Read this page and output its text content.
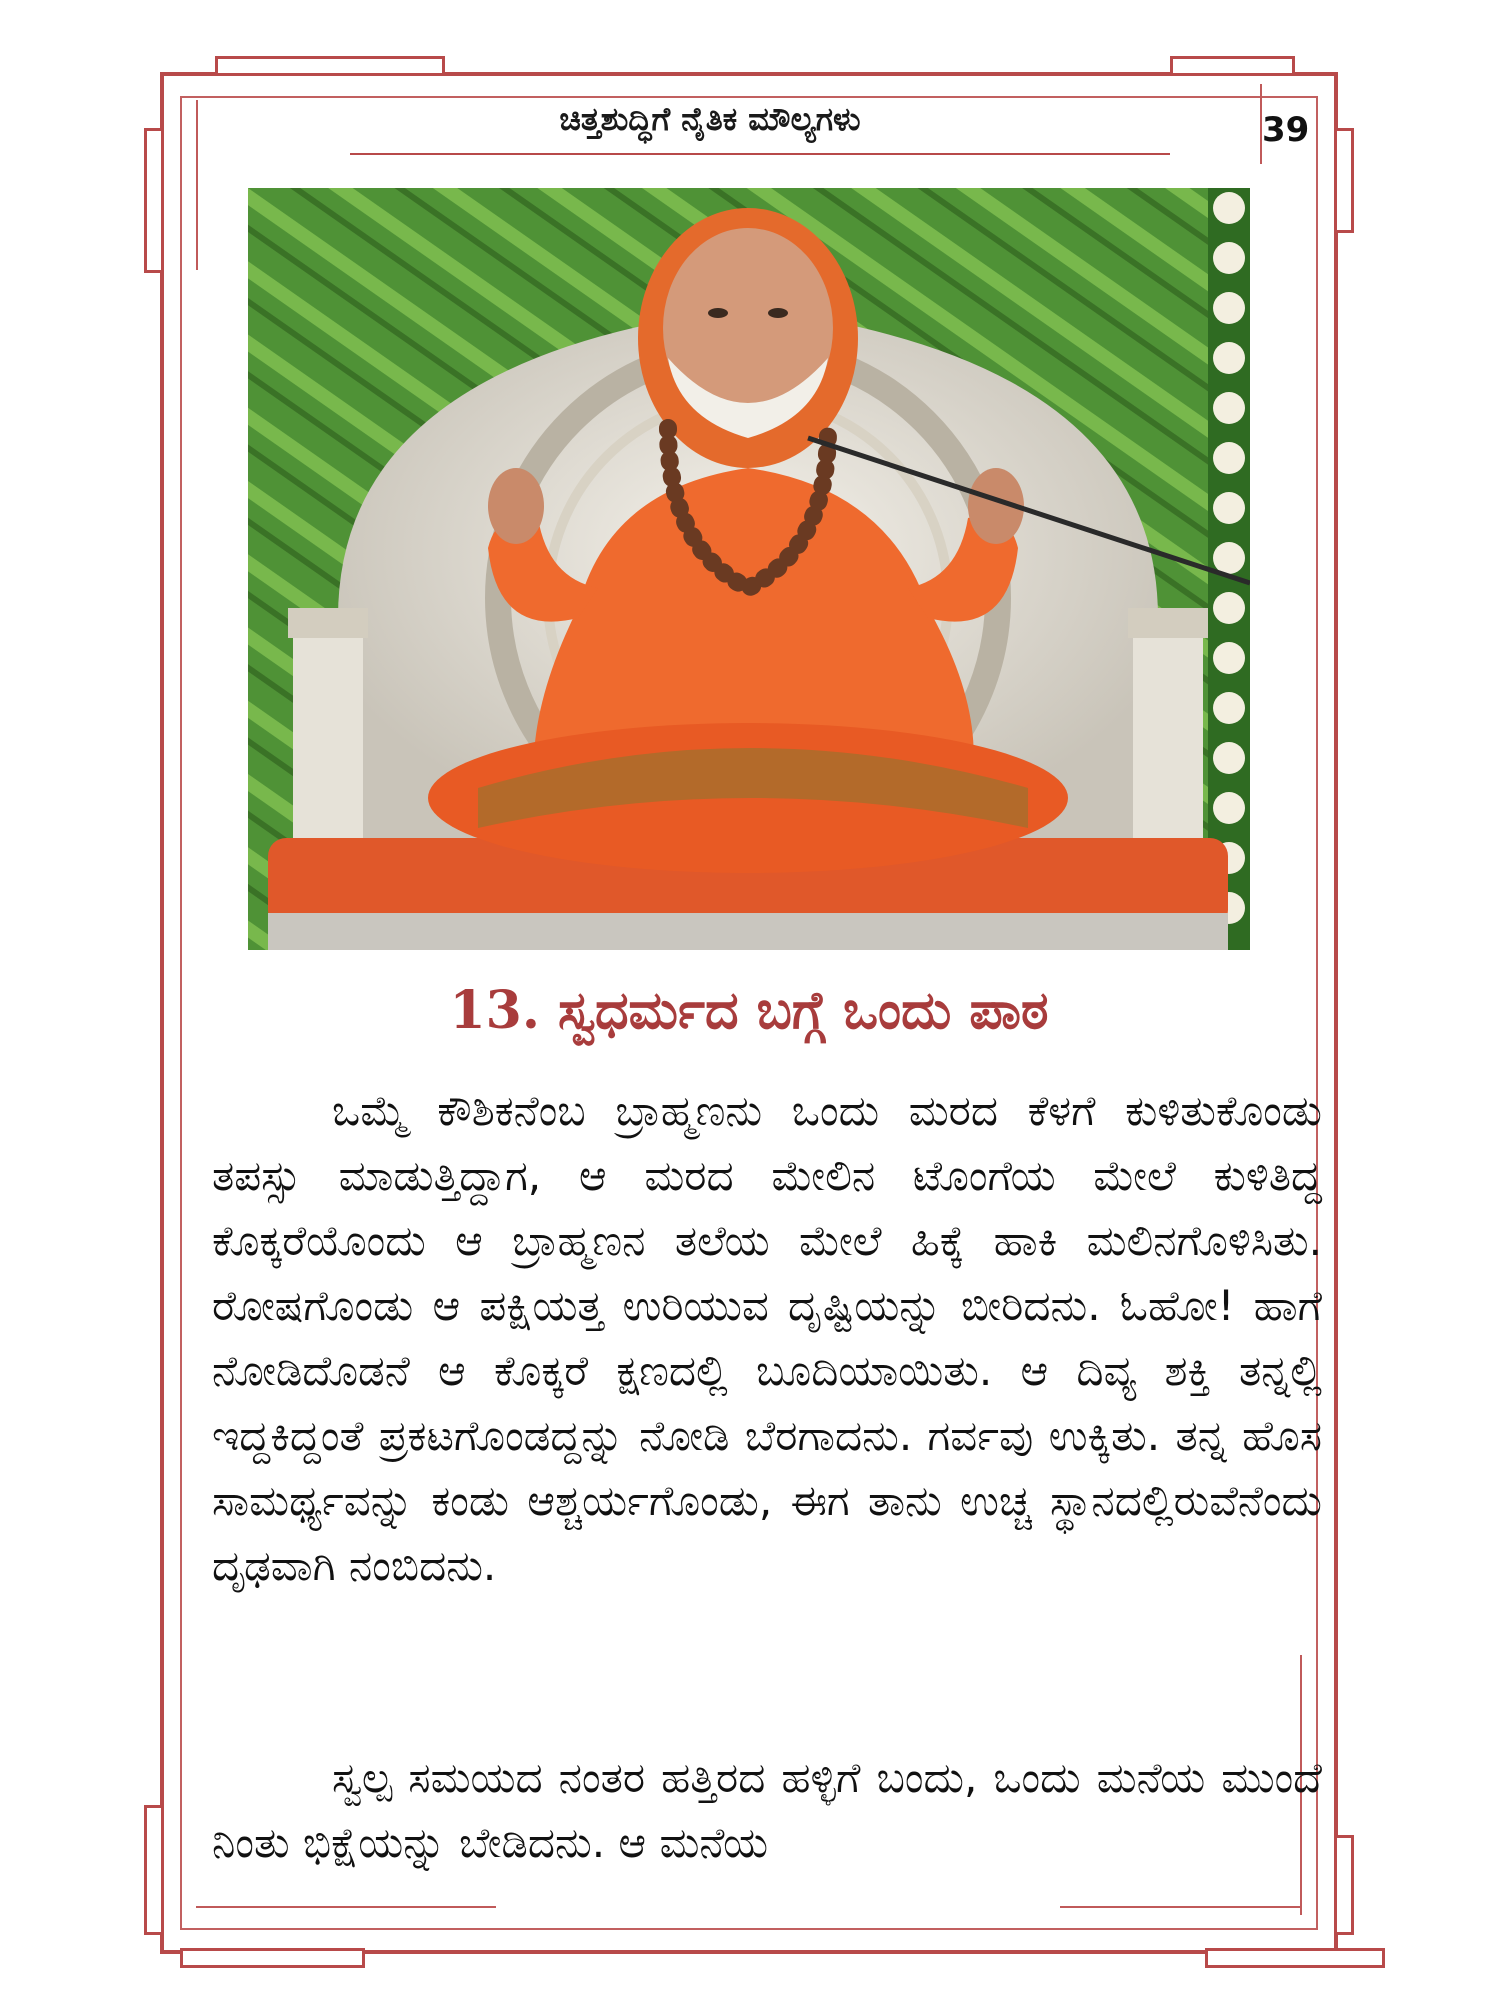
ಚಿತ್ತಶುದ್ಧಿಗೆ ನೈತಿಕ ಮೌಲ್ಯಗಳು	39
13. ಸ್ವಧರ್ಮದ ಬಗ್ಗೆ ಒಂದು ಪಾಠ

ಒಮ್ಮೆ ಕೌಶಿಕನೆಂಬ ಬ್ರಾಹ್ಮಣನು ಒಂದು ಮರದ ಕೆಳಗೆ ಕುಳಿತುಕೊಂಡು ತಪಸ್ಸು ಮಾಡುತ್ತಿದ್ದಾಗ, ಆ ಮರದ ಮೇಲಿನ ಟೊಂಗೆಯ ಮೇಲೆ ಕುಳಿತಿದ್ದ ಕೊಕ್ಕರೆಯೊಂದು ಆ ಬ್ರಾಹ್ಮಣನ ತಲೆಯ ಮೇಲೆ ಹಿಕ್ಕೆ ಹಾಕಿ ಮಲಿನಗೊಳಿಸಿತು. ರೋಷಗೊಂಡು ಆ ಪಕ್ಷಿಯತ್ತ ಉರಿಯುವ ದೃಷ್ಟಿಯನ್ನು ಬೀರಿದನು. ಓಹೋ! ಹಾಗೆ ನೋಡಿದೊಡನೆ ಆ ಕೊಕ್ಕರೆ ಕ್ಷಣದಲ್ಲಿ ಬೂದಿಯಾಯಿತು. ಆ ದಿವ್ಯ ಶಕ್ತಿ ತನ್ನಲ್ಲಿ ಇದ್ದಕಿದ್ದಂತೆ ಪ್ರಕಟಗೊಂಡದ್ದನ್ನು ನೋಡಿ ಬೆರಗಾದನು. ಗರ್ವವು ಉಕ್ಕಿತು. ತನ್ನ ಹೊಸ ಸಾಮರ್ಥ್ಯವನ್ನು ಕಂಡು ಆಶ್ಚರ್ಯಗೊಂಡು, ಈಗ ತಾನು ಉಚ್ಚ ಸ್ಥಾನದಲ್ಲಿರುವೆನೆಂದು ದೃಢವಾಗಿ ನಂಬಿದನು.

ಸ್ವಲ್ಪ ಸಮಯದ ನಂತರ ಹತ್ತಿರದ ಹಳ್ಳಿಗೆ ಬಂದು, ಒಂದು ಮನೆಯ ಮುಂದೆ ನಿಂತು ಭಿಕ್ಷೆಯನ್ನು ಬೇಡಿದನು. ಆ ಮನೆಯ
